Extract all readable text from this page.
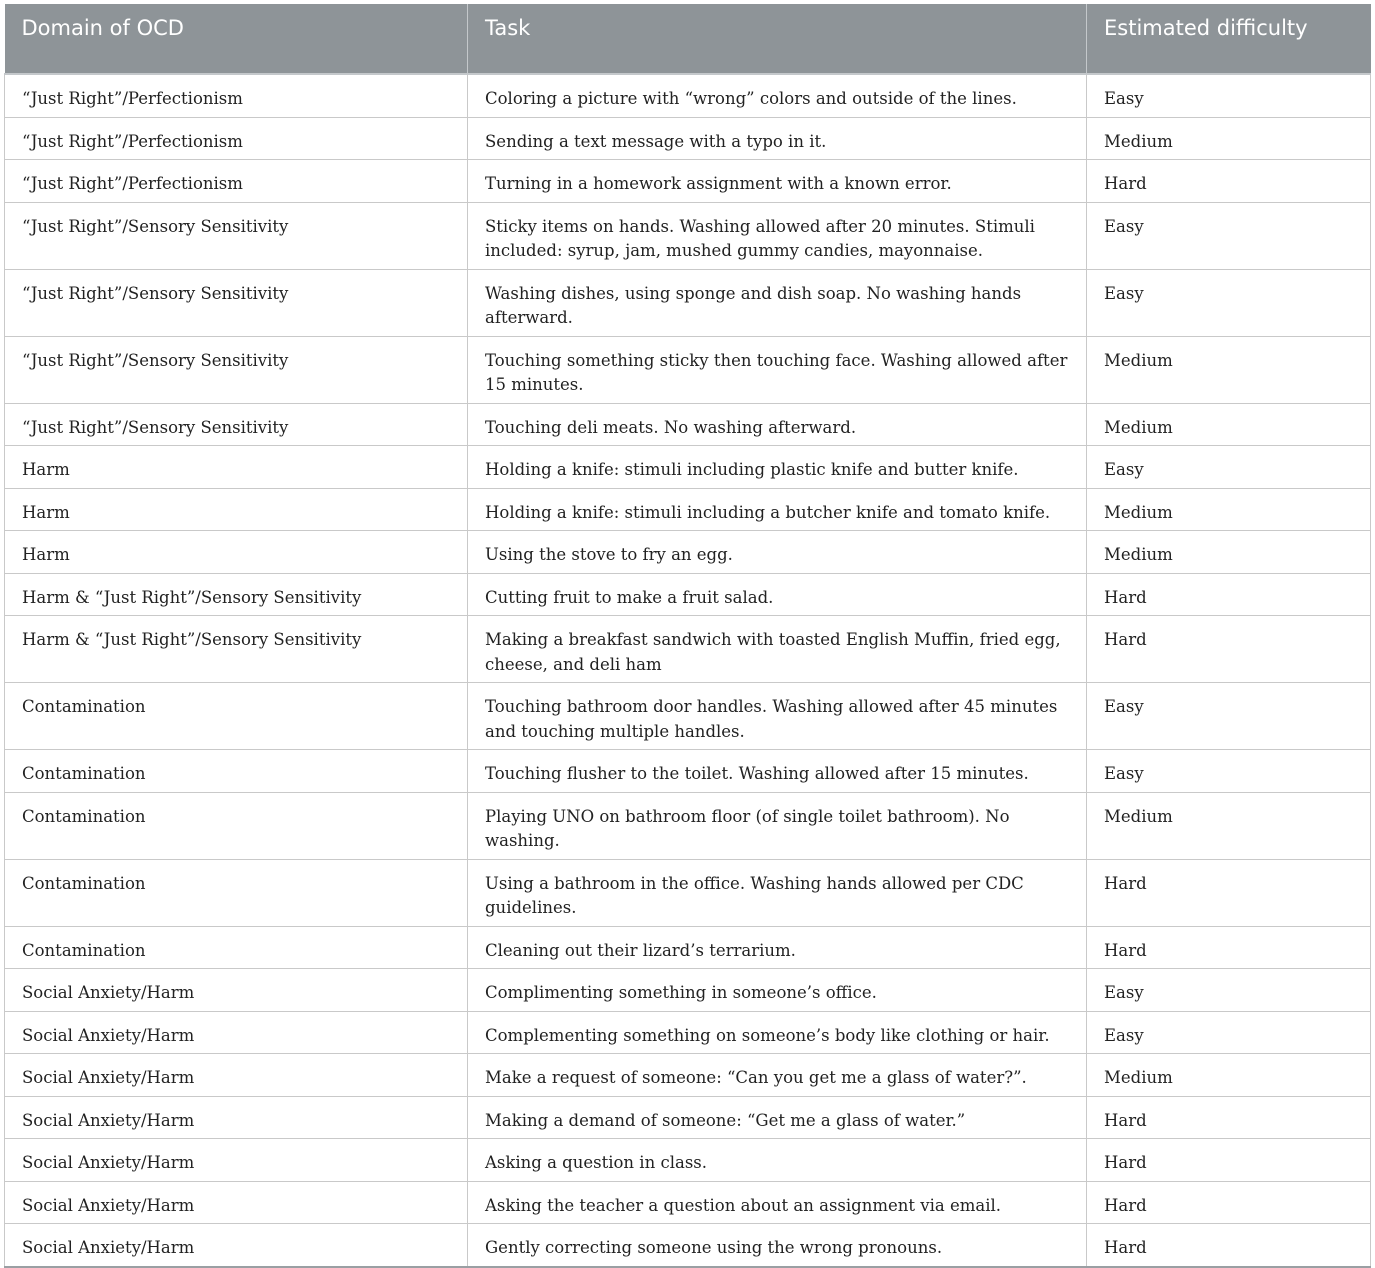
Domain of OCD	Task	Estimated difficulty
“Just Right”/Perfectionism	Coloring a picture with “wrong” colors and outside of the lines.	Easy
“Just Right”/Perfectionism	Sending a text message with a typo in it.	Medium
“Just Right”/Perfectionism	Turning in a homework assignment with a known error.	Hard
“Just Right”/Sensory Sensitivity	Sticky items on hands. Washing allowed after 20 minutes. Stimuli included: syrup, jam, mushed gummy candies, mayonnaise.	Easy
“Just Right”/Sensory Sensitivity	Washing dishes, using sponge and dish soap. No washing hands afterward.	Easy
“Just Right”/Sensory Sensitivity	Touching something sticky then touching face. Washing allowed after 15 minutes.	Medium
“Just Right”/Sensory Sensitivity	Touching deli meats. No washing afterward.	Medium
Harm	Holding a knife: stimuli including plastic knife and butter knife.	Easy
Harm	Holding a knife: stimuli including a butcher knife and tomato knife.	Medium
Harm	Using the stove to fry an egg.	Medium
Harm & “Just Right”/Sensory Sensitivity	Cutting fruit to make a fruit salad.	Hard
Harm & “Just Right”/Sensory Sensitivity	Making a breakfast sandwich with toasted English Muffin, fried egg, cheese, and deli ham	Hard
Contamination	Touching bathroom door handles. Washing allowed after 45 minutes and touching multiple handles.	Easy
Contamination	Touching flusher to the toilet. Washing allowed after 15 minutes.	Easy
Contamination	Playing UNO on bathroom floor (of single toilet bathroom). No washing.	Medium
Contamination	Using a bathroom in the office. Washing hands allowed per CDC guidelines.	Hard
Contamination	Cleaning out their lizard’s terrarium.	Hard
Social Anxiety/Harm	Complimenting something in someone’s office.	Easy
Social Anxiety/Harm	Complementing something on someone’s body like clothing or hair.	Easy
Social Anxiety/Harm	Make a request of someone: “Can you get me a glass of water?”.	Medium
Social Anxiety/Harm	Making a demand of someone: “Get me a glass of water.”	Hard
Social Anxiety/Harm	Asking a question in class.	Hard
Social Anxiety/Harm	Asking the teacher a question about an assignment via email.	Hard
Social Anxiety/Harm	Gently correcting someone using the wrong pronouns.	Hard
